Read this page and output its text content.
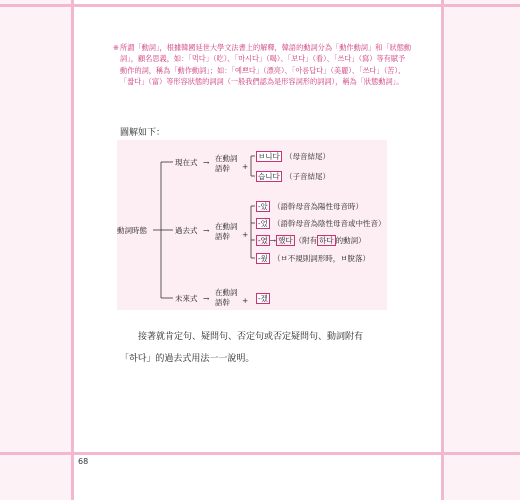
※ 所謂「動詞」，根據韓國延世大學文法書上的解釋，韓語的動詞分為「動作動詞」和「狀態動詞」，顧名思義，如：「먹다」（吃）、「마시다」（喝）、「보다」（看）、「쓰다」（寫）等有賦予動作的詞，稱為「動作動詞」；如：「예쁘다」（漂亮）、「아름답다」（美麗）、「쓰다」（苦）、「짧다」（富）等形容狀態的詞詞（一般我們認為是形容詞形的詞詞），稱為「狀態動詞」。
圖解如下：
動詞時態
現在式 → 在動詞
語幹 +
ㅂ니다 （母音結尾）
습니다 （子音結尾）
過去式 → 在動詞
語幹 +
-았 （語幹母音為陽性母音時）
-었 （語幹母音為陰性母音或中性音）
-였 → 했다 （附有 하다 的動詞）
-웠 （ㅂ不規則詞形時，ㅂ脫落）
未來式 →
在動詞
語幹 + -겠
接著就肯定句、疑問句、否定句或否定疑問句、動詞附有
「하다」的過去式用法一一說明。
68
